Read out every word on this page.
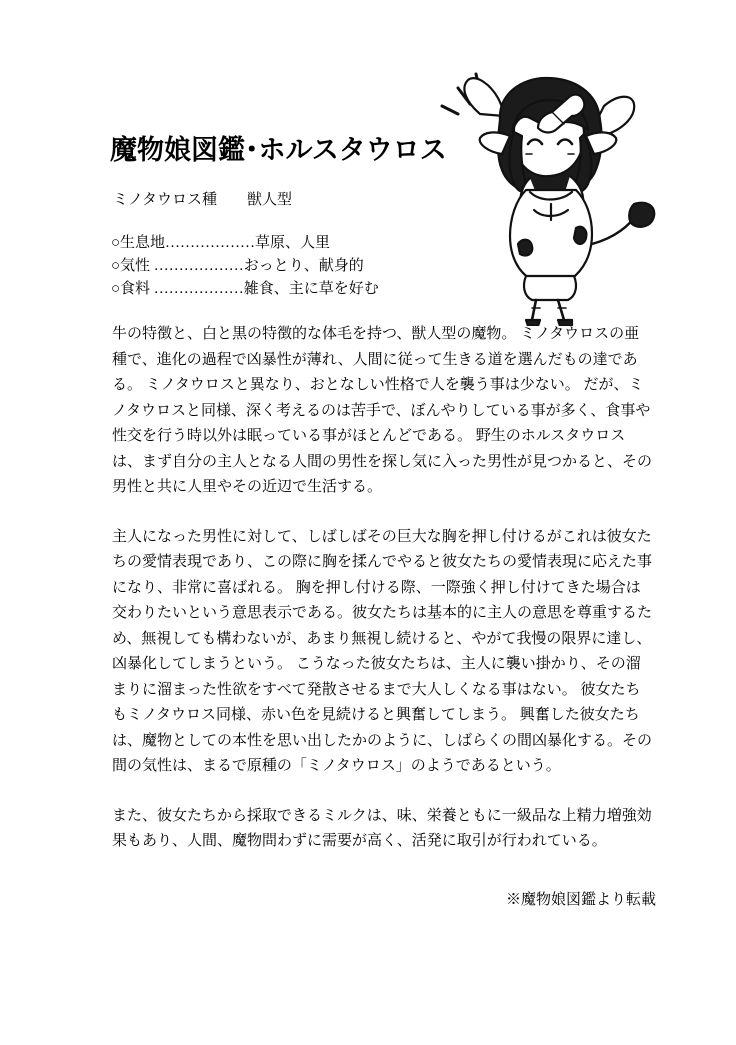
魔物娘図鑑･ホルスタウロス
ミノタウロス種 獣人型
○生息地………………草原、人里
○気性 ………………おっとり、献身的
○食料 ………………雑食、主に草を好む

牛の特徴と、白と黒の特徴的な体毛を持つ、獣人型の魔物。 ミノタウロスの亜種で、進化の過程で凶暴性が薄れ、人間に従って生きる道を選んだもの達である。 ミノタウロスと異なり、おとなしい性格で人を襲う事は少ない。 だが、ミノタウロスと同様、深く考えるのは苦手で、ぼんやりしている事が多く、食事や性交を行う時以外は眠っている事がほとんどである。 野生のホルスタウロスは、まず自分の主人となる人間の男性を探し気に入った男性が見つかると、その男性と共に人里やその近辺で生活する。

主人になった男性に対して、しばしばその巨大な胸を押し付けるがこれは彼女たちの愛情表現であり、この際に胸を揉んでやると彼女たちの愛情表現に応えた事になり、非常に喜ばれる。 胸を押し付ける際、一際強く押し付けてきた場合は交わりたいという意思表示である。彼女たちは基本的に主人の意思を尊重するため、無視しても構わないが、あまり無視し続けると、やがて我慢の限界に達し、凶暴化してしまうという。 こうなった彼女たちは、主人に襲い掛かり、その溜まりに溜まった性欲をすべて発散させるまで大人しくなる事はない。 彼女たちもミノタウロス同様、赤い色を見続けると興奮してしまう。 興奮した彼女たちは、魔物としての本性を思い出したかのように、しばらくの間凶暴化する。その間の気性は、まるで原種の「ミノタウロス」のようであるという。

また、彼女たちから採取できるミルクは、味、栄養ともに一級品な上精力増強効果もあり、人間、魔物問わずに需要が高く、活発に取引が行われている。

※魔物娘図鑑より転載
